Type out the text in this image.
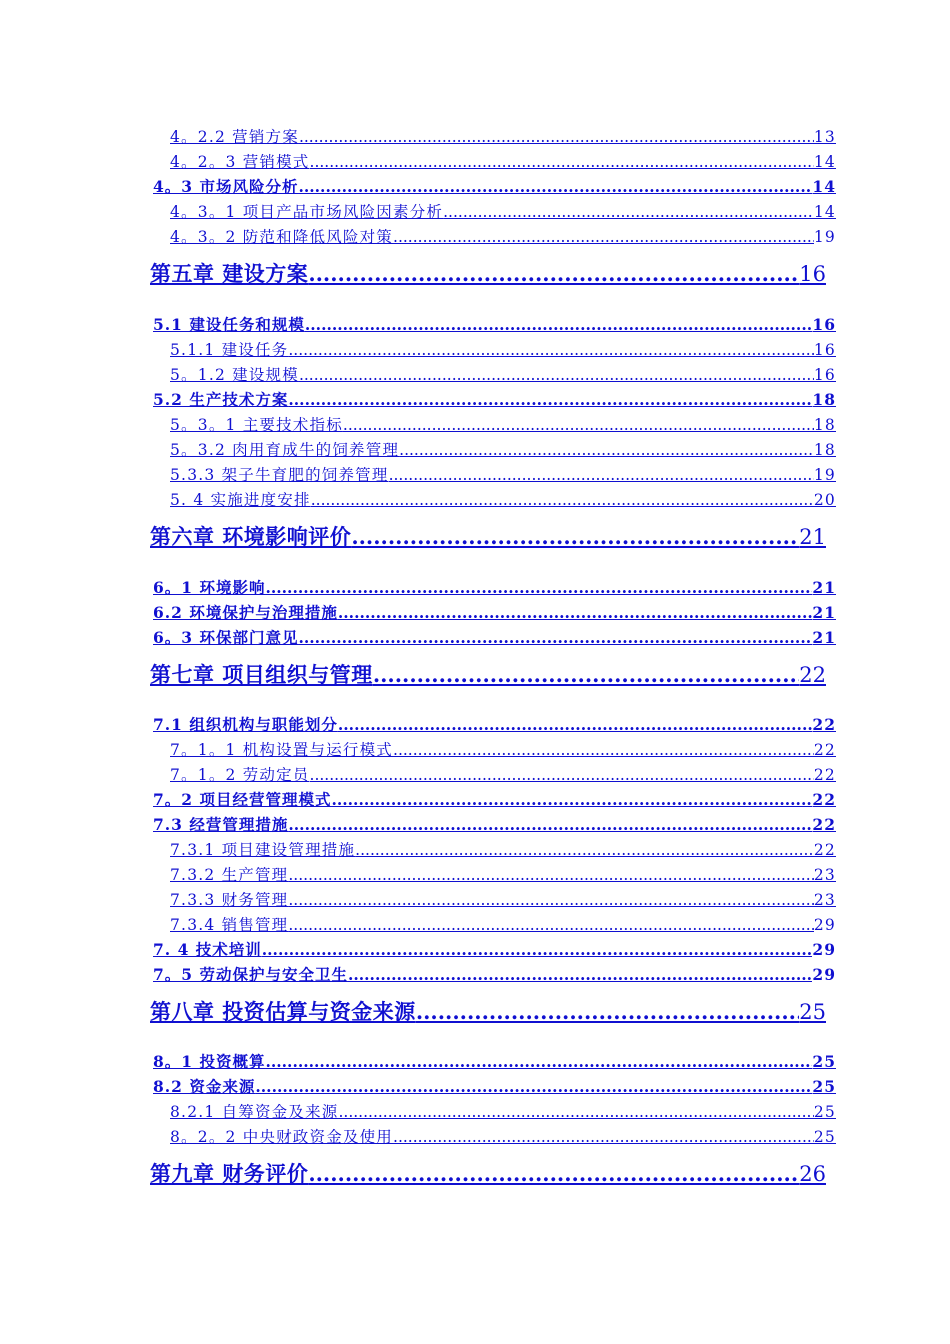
4。2.2 营销方案 .....	13
4。2。3 营销模式 .....	14
4。3 市场风险分析 .....	14
4。3。1 项目产品市场风险因素分析 .....	14
4。3。2 防范和降低风险对策 .....	19
第五章 建设方案 .....	16
5.1 建设任务和规模 .....	16
5.1.1 建设任务 .....	16
5。1.2 建设规模 .....	16
5.2 生产技术方案 .....	18
5。3。1 主要技术指标 .....	18
5。3.2 肉用育成牛的饲养管理 .....	18
5.3.3 架子牛育肥的饲养管理 .....	19
5. 4 实施进度安排 .....	20
第六章 环境影响评价 .....	21
6。1 环境影响 .....	21
6.2 环境保护与治理措施 .....	21
6。3 环保部门意见 .....	21
第七章 项目组织与管理 .....	22
7.1 组织机构与职能划分 .....	22
7。1。1 机构设置与运行模式 .....	22
7。1。2 劳动定员 .....	22
7。2 项目经营管理模式 .....	22
7.3 经营管理措施 .....	22
7.3.1 项目建设管理措施 .....	22
7.3.2 生产管理 .....	23
7.3.3 财务管理 .....	23
7.3.4 销售管理 .....	29
7. 4 技术培训 .....	29
7。5 劳动保护与安全卫生 .....	29
第八章 投资估算与资金来源 .....	25
8。1 投资概算 .....	25
8.2 资金来源 .....	25
8.2.1 自筹资金及来源 .....	25
8。2。2 中央财政资金及使用 .....	25
第九章 财务评价 .....	26
